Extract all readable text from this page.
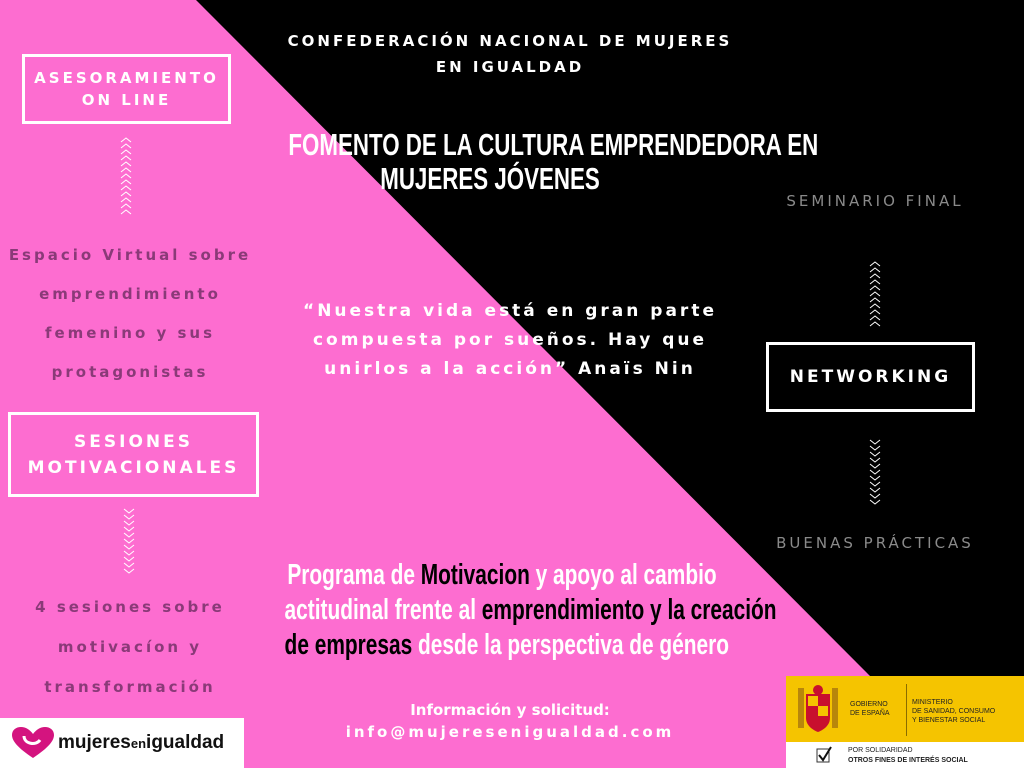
CONFEDERACIÓN NACIONAL DE MUJERES EN IGUALDAD
FOMENTO DE LA CULTURA EMPRENDEDORA EN
MUJERES JÓVENES
ASESORAMIENTO
ON LINE
Espacio Virtual sobre
emprendimiento
femenino y sus
protagonistas
SESIONES
MOTIVACIONALES
4 sesiones sobre
motivacíon y
transformación
SEMINARIO FINAL
NETWORKING
BUENAS PRÁCTICAS
“Nuestra vida está en gran parte
compuesta por sueños. Hay que
unirlos a la acción” Anaïs Nin
Programa de Motivacion y apoyo al cambio
actitudinal frente al emprendimiento y la creación
de empresas desde la perspectiva de género
Información y solicitud:
info@mujeresenigualdad.com
mujeresenigualdad
GOBIERNO
DE ESPAÑA
MINISTERIO
DE SANIDAD, CONSUMO
Y BIENESTAR SOCIAL
POR SOLIDARIDAD
OTROS FINES DE INTERÉS SOCIAL
